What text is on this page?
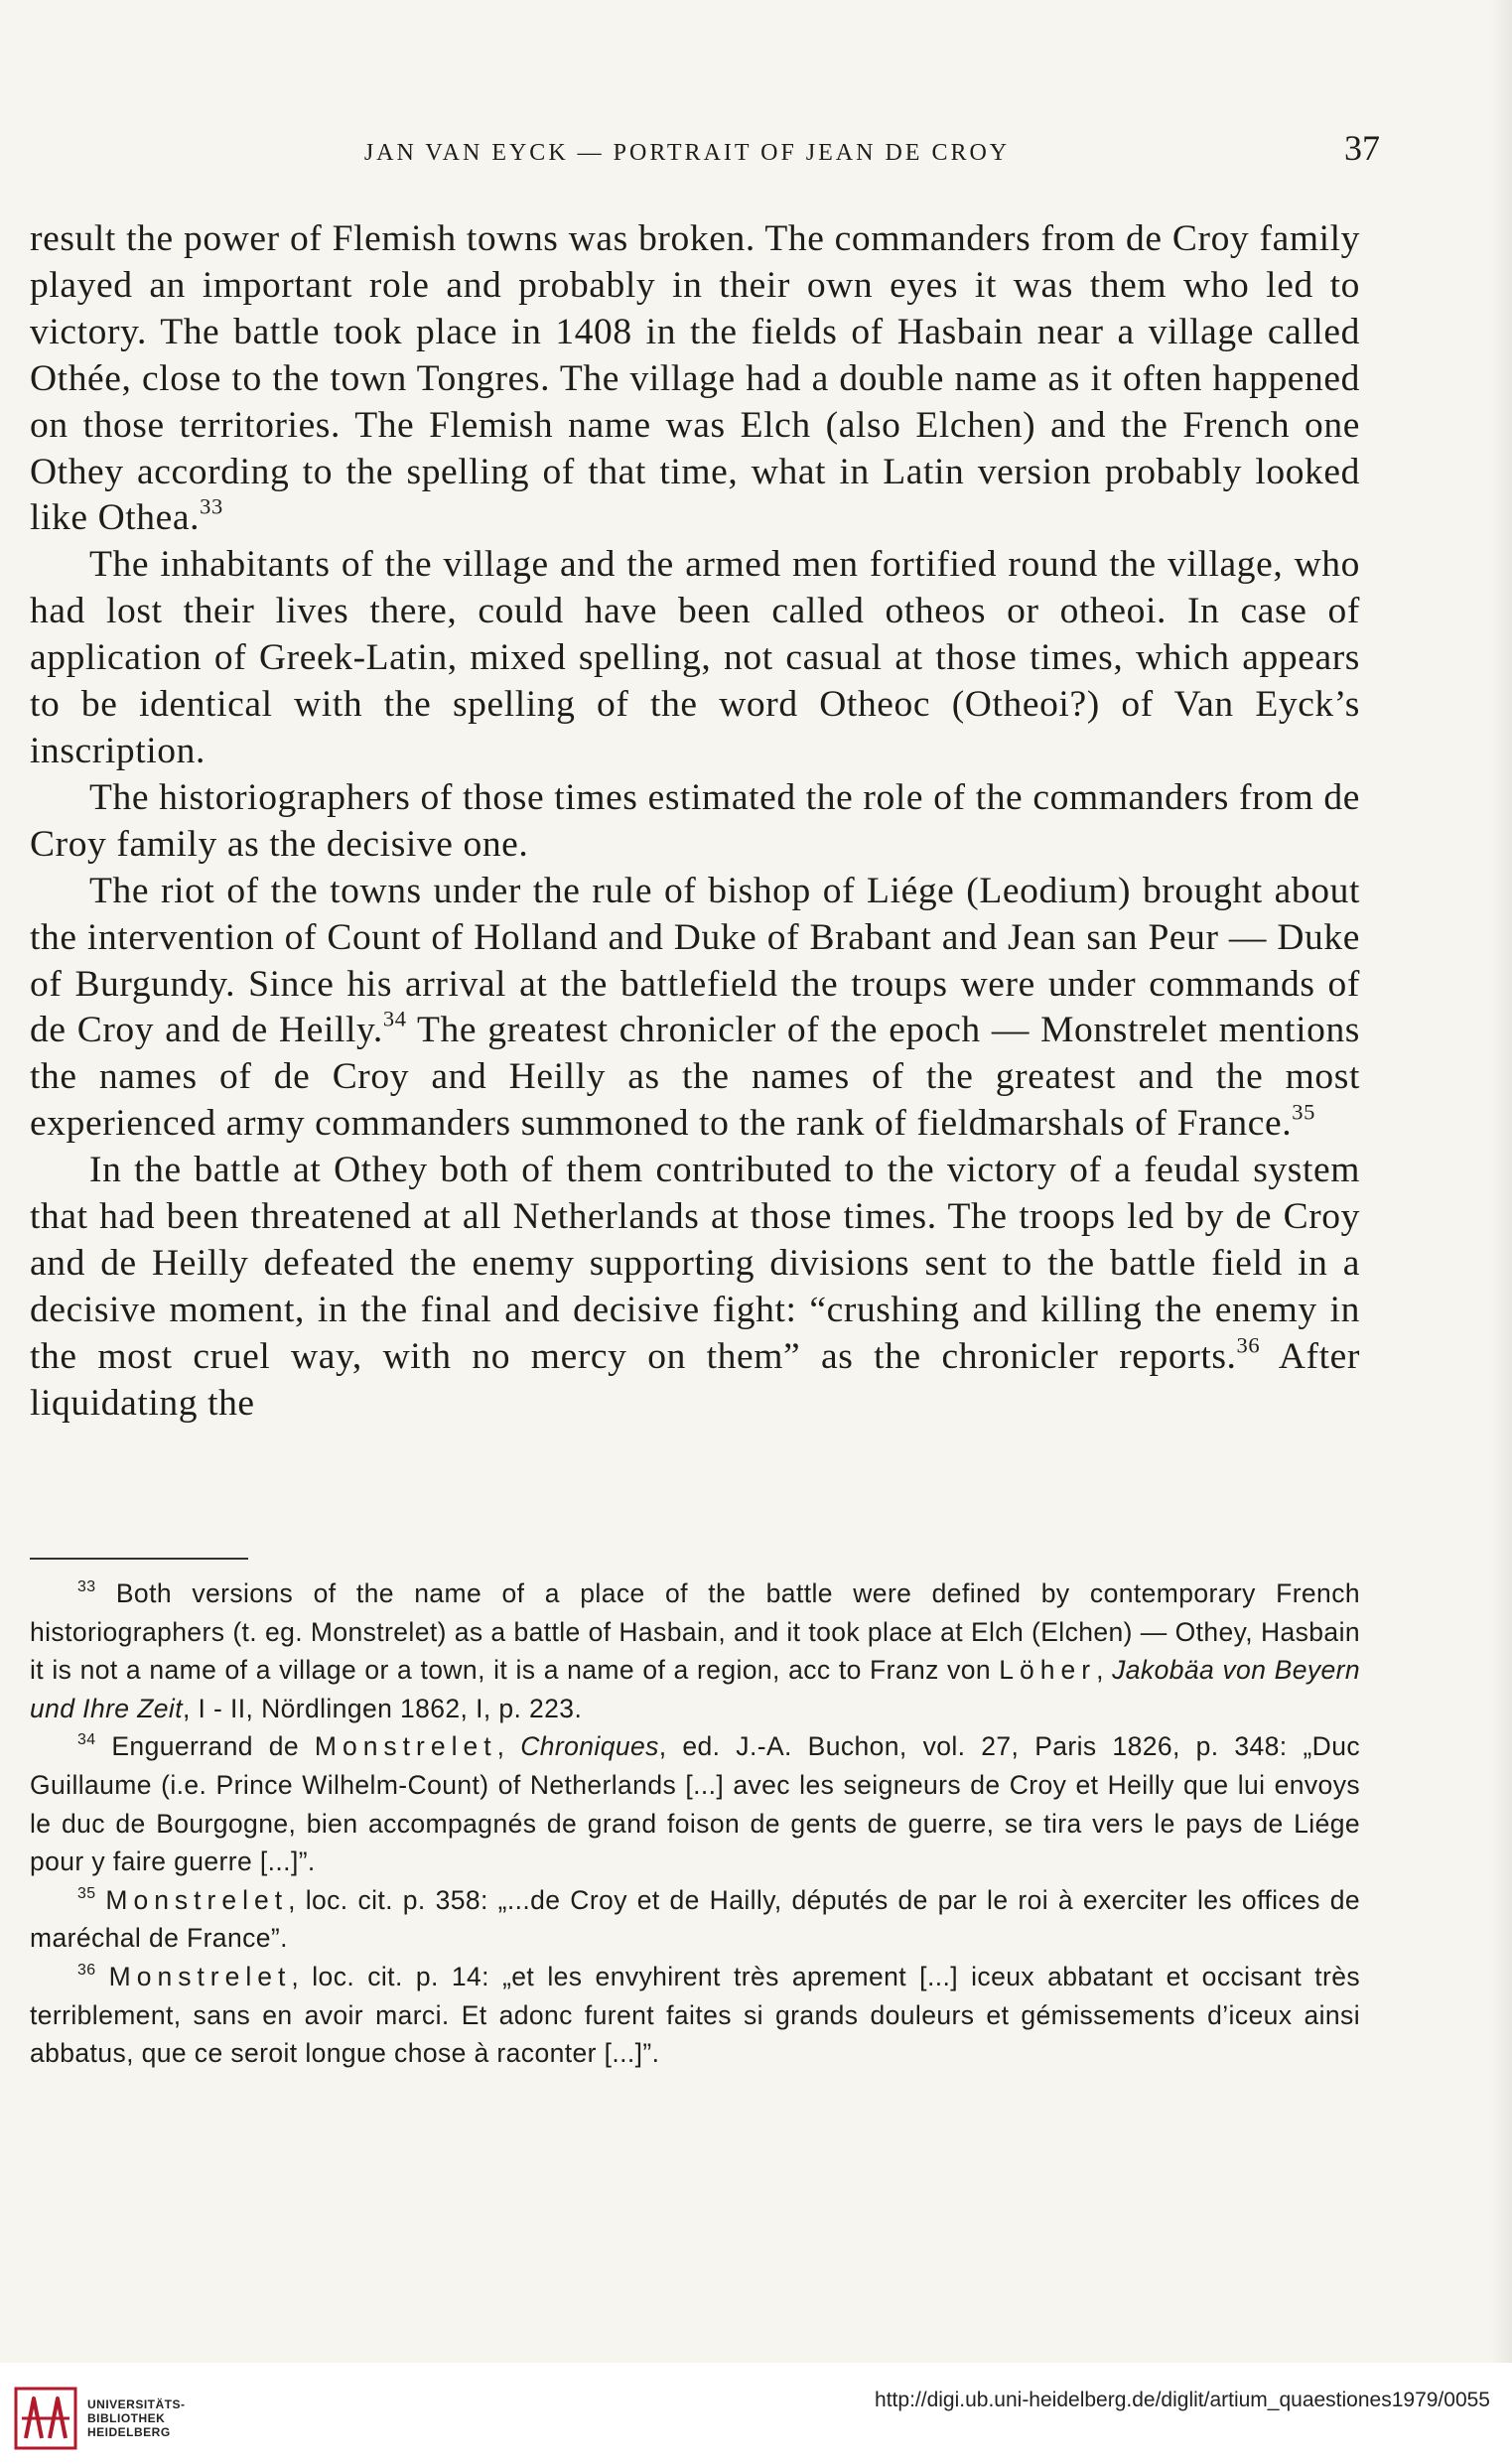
JAN VAN EYCK — PORTRAIT OF JEAN DE CROY	37

result the power of Flemish towns was broken. The commanders from de Croy family played an important role and probably in their own eyes it was them who led to victory. The battle took place in 1408 in the fields of Hasbain near a village called Othée, close to the town Tongres. The village had a double name as it often happened on those territories. The Flemish name was Elch (also Elchen) and the French one Othey according to the spelling of that time, what in Latin version probably looked like Othea.$^{33}$

The inhabitants of the village and the armed men fortified round the village, who had lost their lives there, could have been called otheos or otheoi. In case of application of Greek-Latin, mixed spelling, not casual at those times, which appears to be identical with the spelling of the word Otheoc (Otheoi?) of Van Eyck’s inscription.

The historiographers of those times estimated the role of the commanders from de Croy family as the decisive one.

The riot of the towns under the rule of bishop of Liége (Leodium) brought about the intervention of Count of Holland and Duke of Brabant and Jean san Peur — Duke of Burgundy. Since his arrival at the battlefield the troups were under commands of de Croy and de Heilly.$^{34}$ The greatest chronicler of the epoch — Monstrelet mentions the names of de Croy and Heilly as the names of the greatest and the most experienced army commanders summoned to the rank of fieldmarshals of France.$^{35}$

In the battle at Othey both of them contributed to the victory of a feudal system that had been threatened at all Netherlands at those times. The troops led by de Croy and de Heilly defeated the enemy supporting divisions sent to the battle field in a decisive moment, in the final and decisive fight: “crushing and killing the enemy in the most cruel way, with no mercy on them” as the chronicler reports.$^{36}$ After liquidating the

$^{33}$ Both versions of the name of a place of the battle were defined by contemporary French historiographers (t. eg. Monstrelet) as a battle of Hasbain, and it took place at Elch (Elchen) — Othey, Hasbain it is not a name of a village or a town, it is a name of a region, acc to Franz von Löher, Jakobäa von Beyern und Ihre Zeit, I - II, Nördlingen 1862, I, p. 223.

$^{34}$ Enguerrand de Monstrelet, Chroniques, ed. J.-A. Buchon, vol. 27, Paris 1826, p. 348: „Duc Guillaume (i.e. Prince Wilhelm-Count) of Netherlands [...] avec les seigneurs de Croy et Heilly que lui envoys le duc de Bourgogne, bien accompagnés de grand foison de gents de guerre, se tira vers le pays de Liége pour y faire guerre [...]”.

$^{35}$ Monstrelet, loc. cit. p. 358: „...de Croy et de Hailly, députés de par le roi à exerciter les offices de maréchal de France”.

$^{36}$ Monstrelet, loc. cit. p. 14: „et les envyhirent très aprement [...] iceux abbatant et occisant très terriblement, sans en avoir marci. Et adonc furent faites si grands douleurs et gémissements d’iceux ainsi abbatus, que ce seroit longue chose à raconter [...]”.

UNIVERSITÄTS-
BIBLIOTHEK
HEIDELBERG
http://digi.ub.uni-heidelberg.de/diglit/artium_quaestiones1979/0055
